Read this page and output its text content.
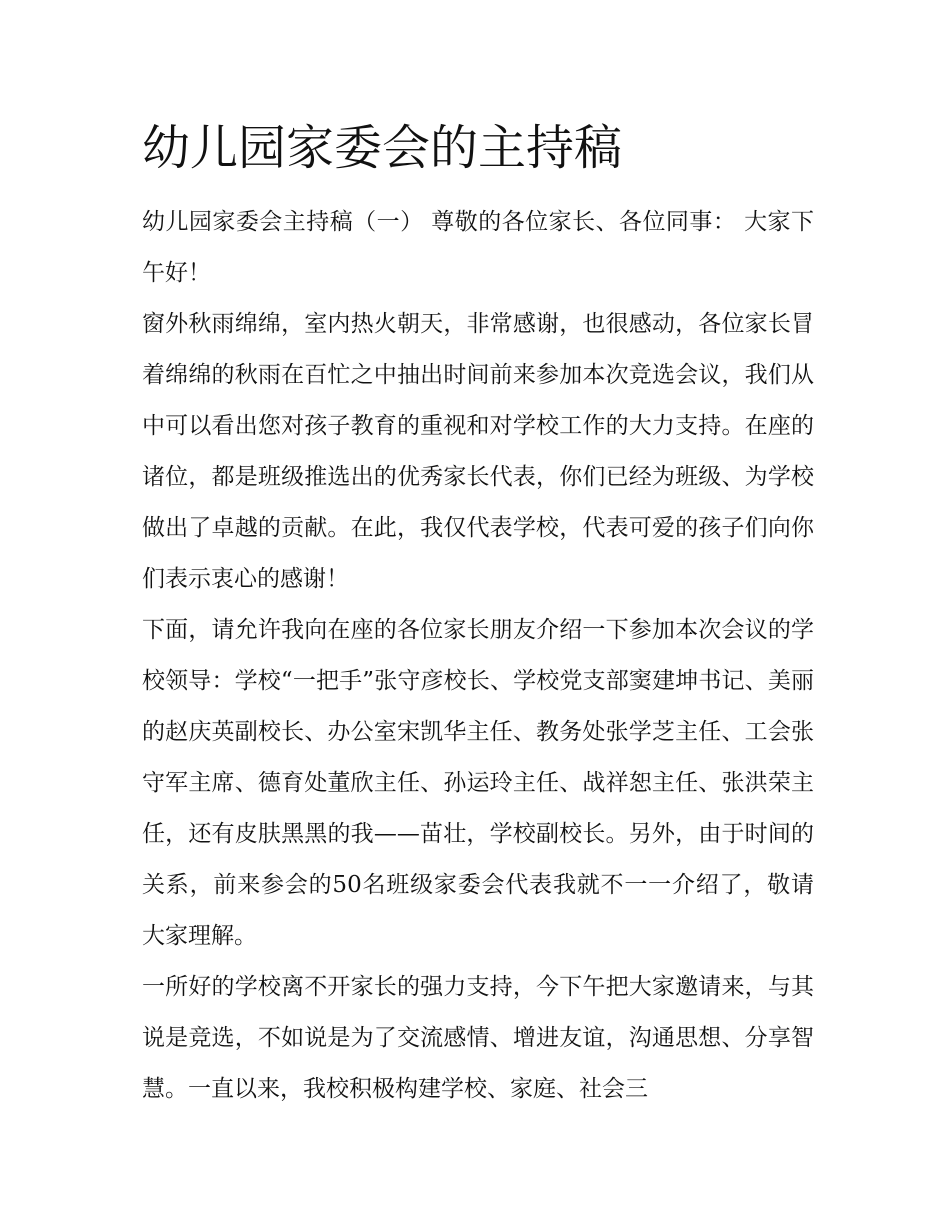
幼儿园家委会的主持稿

幼儿园家委会主持稿（一） 尊敬的各位家长、各位同事： 大家下午好！

窗外秋雨绵绵，室内热火朝天，非常感谢，也很感动，各位家长冒着绵绵的秋雨在百忙之中抽出时间前来参加本次竞选会议，我们从中可以看出您对孩子教育的重视和对学校工作的大力支持。在座的诸位，都是班级推选出的优秀家长代表，你们已经为班级、为学校做出了卓越的贡献。在此，我仅代表学校，代表可爱的孩子们向你们表示衷心的感谢！

下面，请允许我向在座的各位家长朋友介绍一下参加本次会议的学校领导：学校“一把手”张守彦校长、学校党支部窦建坤书记、美丽的赵庆英副校长、办公室宋凯华主任、教务处张学芝主任、工会张守军主席、德育处董欣主任、孙运玲主任、战祥恕主任、张洪荣主任，还有皮肤黑黑的我——苗壮，学校副校长。另外，由于时间的关系，前来参会的50名班级家委会代表我就不一一介绍了，敬请大家理解。

一所好的学校离不开家长的强力支持，今下午把大家邀请来，与其说是竞选，不如说是为了交流感情、增进友谊，沟通思想、分享智慧。一直以来，我校积极构建学校、家庭、社会三
